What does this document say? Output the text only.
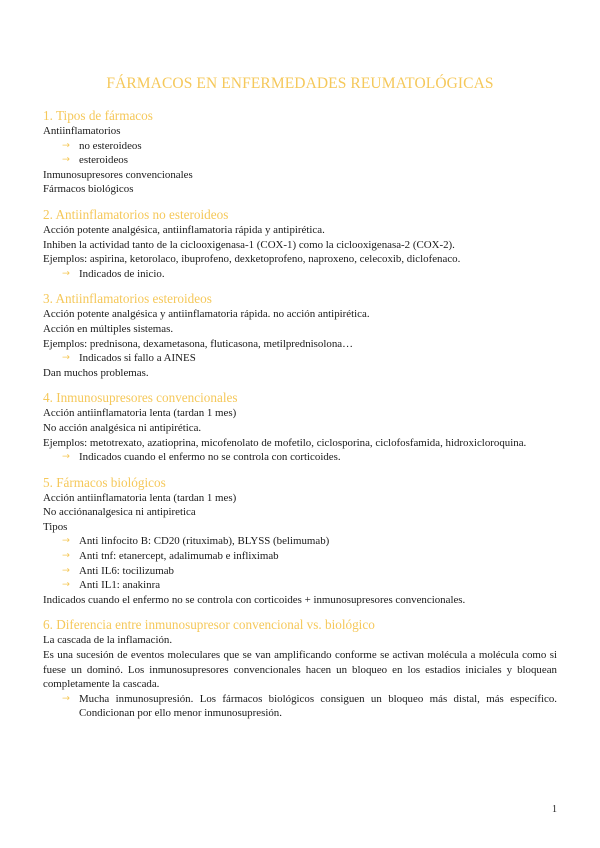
FÁRMACOS EN ENFERMEDADES REUMATOLÓGICAS
1. Tipos de fármacos

Antiinflamatorios

→ no esteroideos

→ esteroideos

Inmunosupresores convencionales

Fármacos biológicos

2. Antiinflamatorios no esteroideos

Acción potente analgésica, antiinflamatoria rápida y antipirética.

Inhiben la actividad tanto de la ciclooxigenasa-1 (COX-1) como la ciclooxigenasa-2 (COX-2).

Ejemplos: aspirina, ketorolaco, ibuprofeno, dexketoprofeno, naproxeno, celecoxib, diclofenaco.

→ Indicados de inicio.

3. Antiinflamatorios esteroideos

Acción potente analgésica y antiinflamatoria rápida. no acción antipirética.

Acción en múltiples sistemas.

Ejemplos: prednisona, dexametasona, fluticasona, metilprednisolona…

→ Indicados si fallo a AINES

Dan muchos problemas.

4. Inmunosupresores convencionales

Acción antiinflamatoria lenta (tardan 1 mes)

No acción analgésica ni antipirética.

Ejemplos: metotrexato, azatioprina, micofenolato de mofetilo, ciclosporina, ciclofosfamida, hidroxicloroquina.

→ Indicados cuando el enfermo no se controla con corticoides.

5. Fármacos biológicos

Acción antiinflamatoria lenta (tardan 1 mes)

No acciónanalgesica ni antipiretica

Tipos

→ Anti linfocito B: CD20 (rituximab), BLYSS (belimumab)

→ Anti tnf: etanercept, adalimumab e infliximab

→ Anti IL6: tocilizumab

→ Anti IL1: anakinra

Indicados cuando el enfermo no se controla con corticoides + inmunosupresores convencionales.

6. Diferencia entre inmunosupresor convencional vs. biológico

La cascada de la inflamación.

Es una sucesión de eventos moleculares que se van amplificando conforme se activan molécula a molécula como si fuese un dominó. Los inmunosupresores convencionales hacen un bloqueo en los estadios iniciales y bloquean completamente la cascada.

→ Mucha inmunosupresión. Los fármacos biológicos consiguen un bloqueo más distal, más específico. Condicionan por ello menor inmunosupresión.

1
